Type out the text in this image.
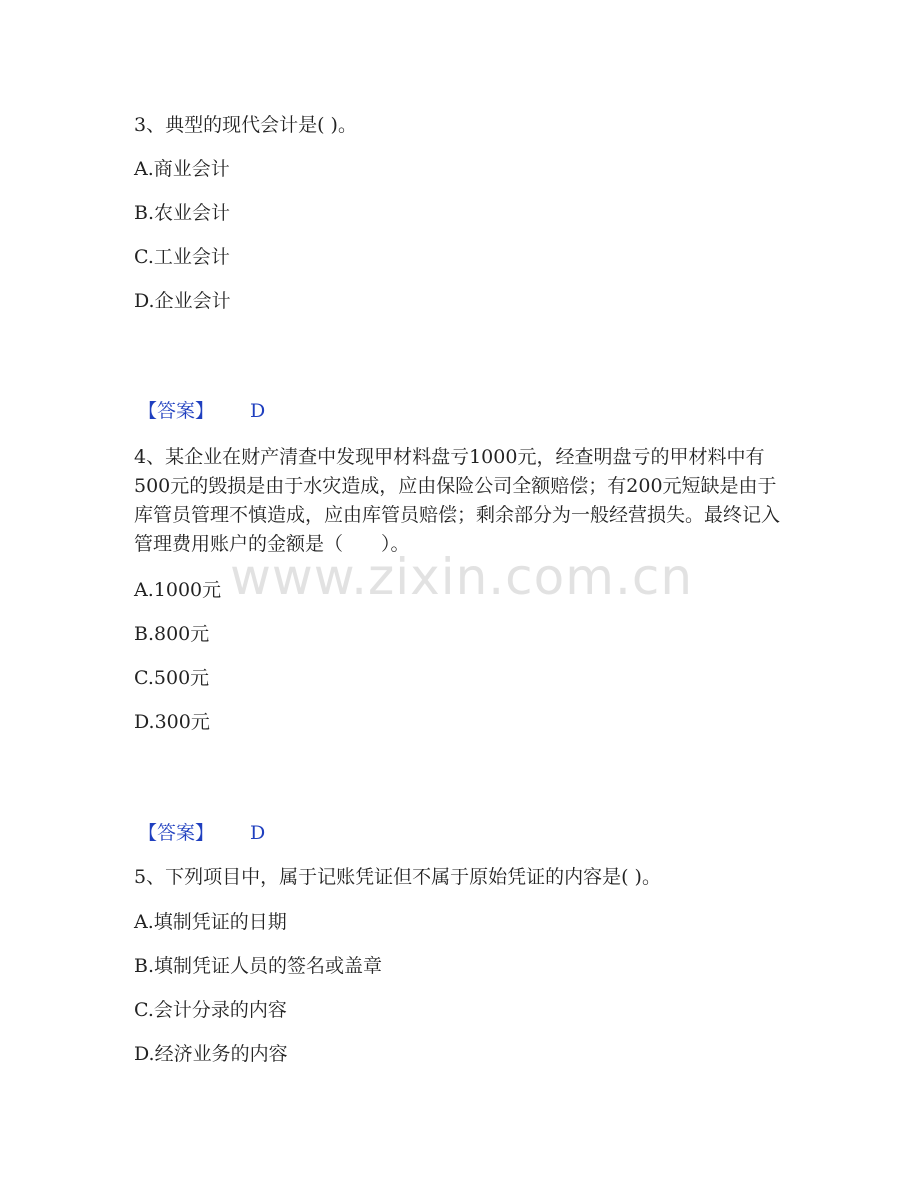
www.zixin.com.cn
3、典型的现代会计是( )。
A.商业会计
B.农业会计
C.工业会计
D.企业会计
【答案】 D
4、某企业在财产清查中发现甲材料盘亏1000元，经查明盘亏的甲材料中有500元的毁损是由于水灾造成，应由保险公司全额赔偿；有200元短缺是由于库管员管理不慎造成，应由库管员赔偿；剩余部分为一般经营损失。最终记入管理费用账户的金额是（　　）。
A.1000元
B.800元
C.500元
D.300元
【答案】 D
5、下列项目中，属于记账凭证但不属于原始凭证的内容是( )。
A.填制凭证的日期
B.填制凭证人员的签名或盖章
C.会计分录的内容
D.经济业务的内容
